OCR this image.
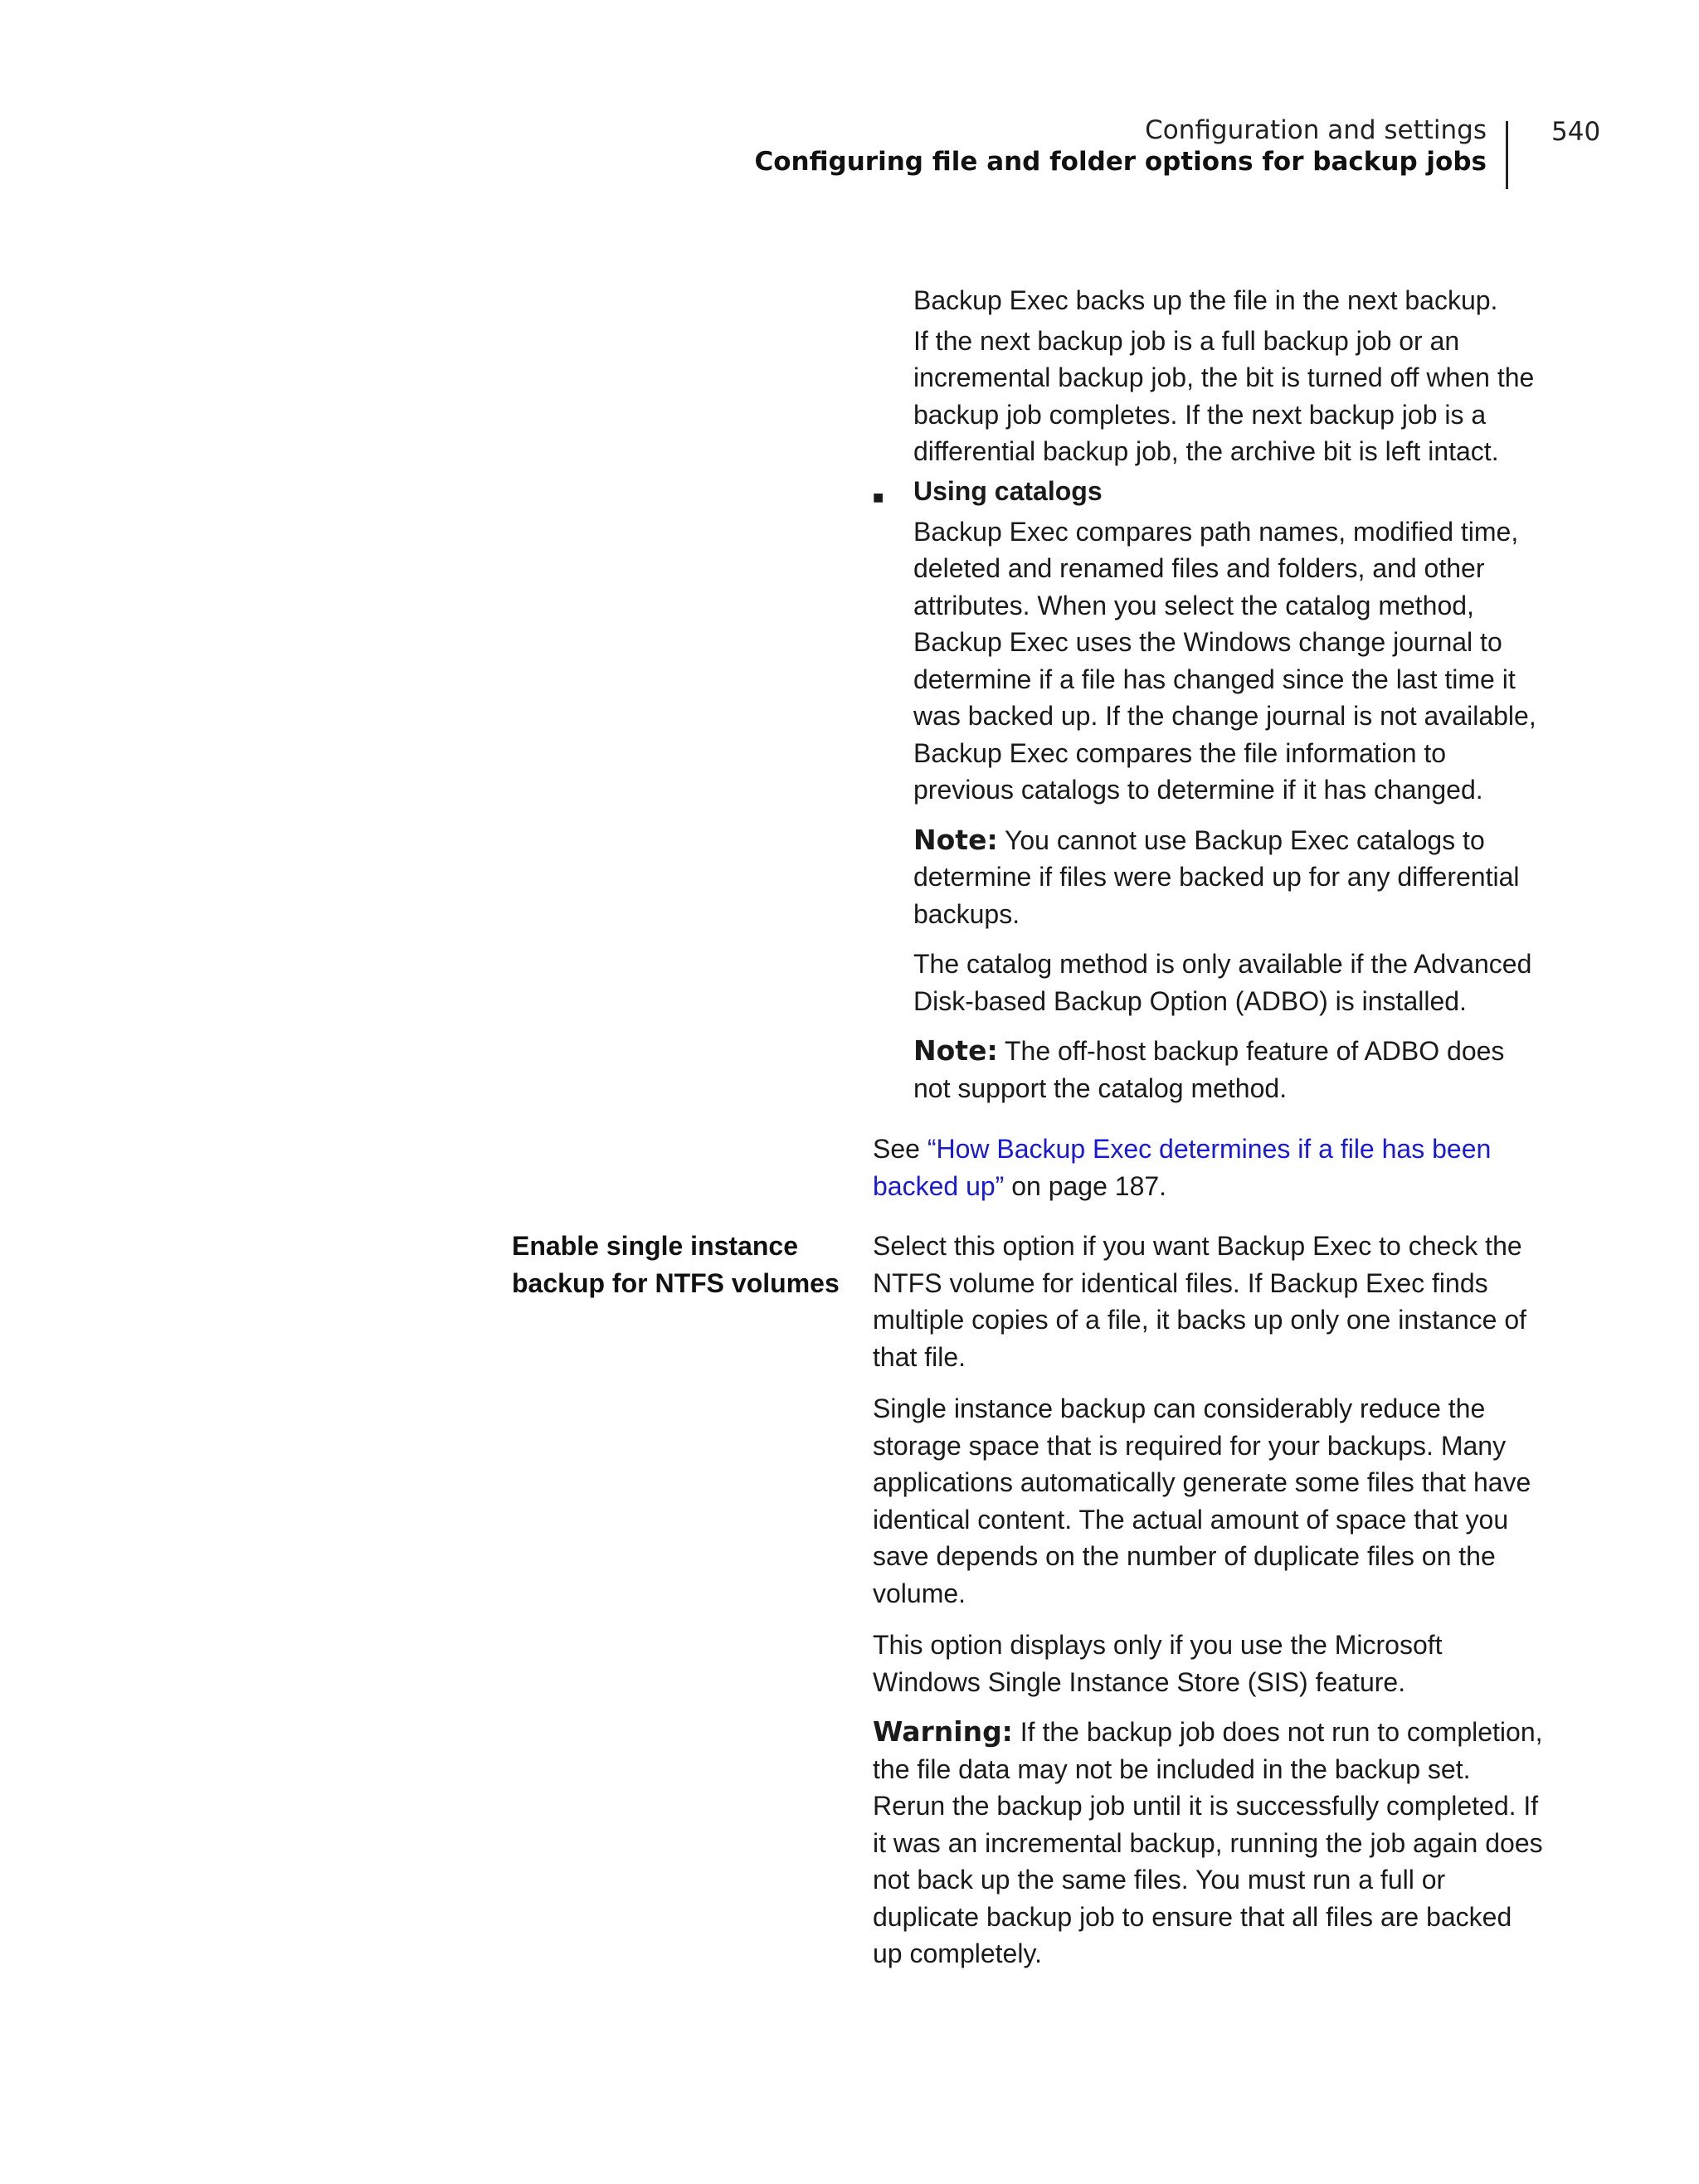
Configuration and settings
Configuring file and folder options for backup jobs
540

Backup Exec backs up the file in the next backup.

If the next backup job is a full backup job or an incremental backup job, the bit is turned off when the backup job completes. If the next backup job is a differential backup job, the archive bit is left intact.

■ Using catalogs

Backup Exec compares path names, modified time, deleted and renamed files and folders, and other attributes. When you select the catalog method, Backup Exec uses the Windows change journal to determine if a file has changed since the last time it was backed up. If the change journal is not available, Backup Exec compares the file information to previous catalogs to determine if it has changed.

Note: You cannot use Backup Exec catalogs to determine if files were backed up for any differential backups.

The catalog method is only available if the Advanced Disk-based Backup Option (ADBO) is installed.

Note: The off-host backup feature of ADBO does not support the catalog method.

See “How Backup Exec determines if a file has been backed up” on page 187.

Enable single instance backup for NTFS volumes

Select this option if you want Backup Exec to check the NTFS volume for identical files. If Backup Exec finds multiple copies of a file, it backs up only one instance of that file.

Single instance backup can considerably reduce the storage space that is required for your backups. Many applications automatically generate some files that have identical content. The actual amount of space that you save depends on the number of duplicate files on the volume.

This option displays only if you use the Microsoft Windows Single Instance Store (SIS) feature.

Warning: If the backup job does not run to completion, the file data may not be included in the backup set. Rerun the backup job until it is successfully completed. If it was an incremental backup, running the job again does not back up the same files. You must run a full or duplicate backup job to ensure that all files are backed up completely.
